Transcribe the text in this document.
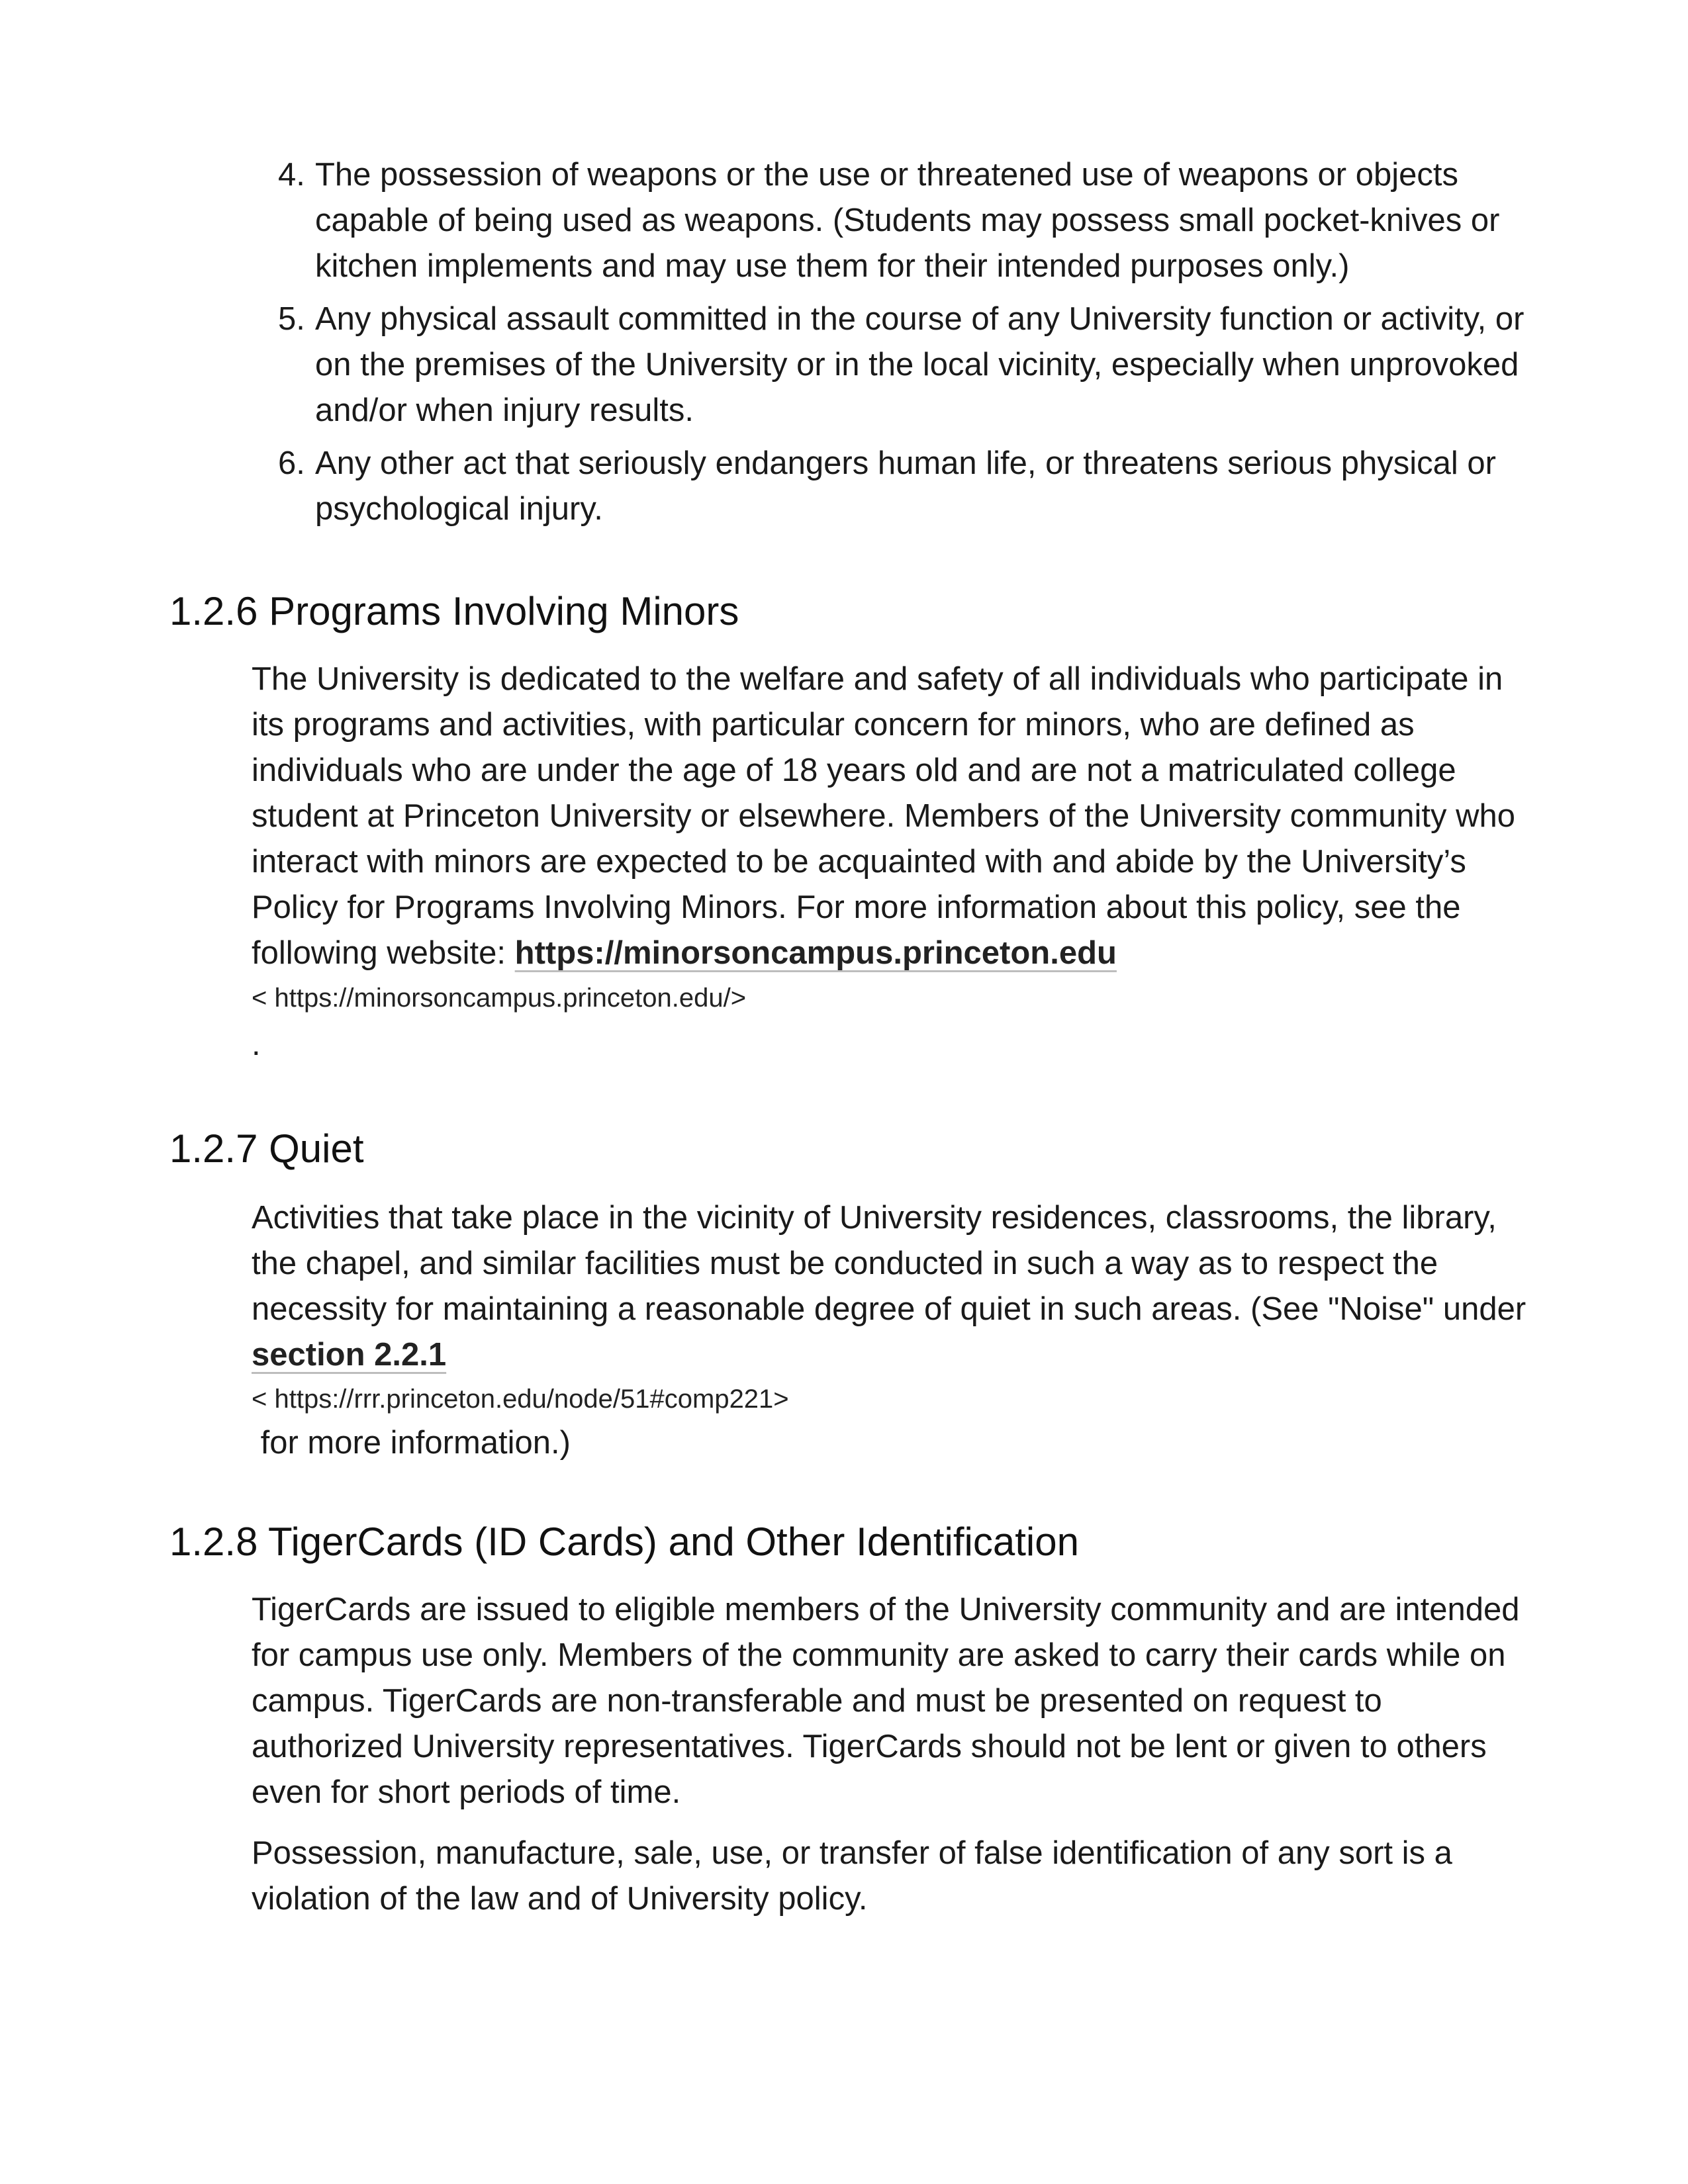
4. The possession of weapons or the use or threatened use of weapons or objects capable of being used as weapons. (Students may possess small pocket-knives or kitchen implements and may use them for their intended purposes only.)
5. Any physical assault committed in the course of any University function or activity, or on the premises of the University or in the local vicinity, especially when unprovoked and/or when injury results.
6. Any other act that seriously endangers human life, or threatens serious physical or psychological injury.
1.2.6 Programs Involving Minors

The University is dedicated to the welfare and safety of all individuals who participate in its programs and activities, with particular concern for minors, who are defined as individuals who are under the age of 18 years old and are not a matriculated college student at Princeton University or elsewhere. Members of the University community who interact with minors are expected to be acquainted with and abide by the University’s Policy for Programs Involving Minors. For more information about this policy, see the following website: https://minorsoncampus.princeton.edu

< https://minorsoncampus.princeton.edu/>
.
1.2.7 Quiet

Activities that take place in the vicinity of University residences, classrooms, the library, the chapel, and similar facilities must be conducted in such a way as to respect the necessity for maintaining a reasonable degree of quiet in such areas. (See "Noise" under section 2.2.1

< https://rrr.princeton.edu/node/51#comp221>
for more information.)
1.2.8 TigerCards (ID Cards) and Other Identification

TigerCards are issued to eligible members of the University community and are intended for campus use only. Members of the community are asked to carry their cards while on campus. TigerCards are non-transferable and must be presented on request to authorized University representatives. TigerCards should not be lent or given to others even for short periods of time.

Possession, manufacture, sale, use, or transfer of false identification of any sort is a violation of the law and of University policy.
